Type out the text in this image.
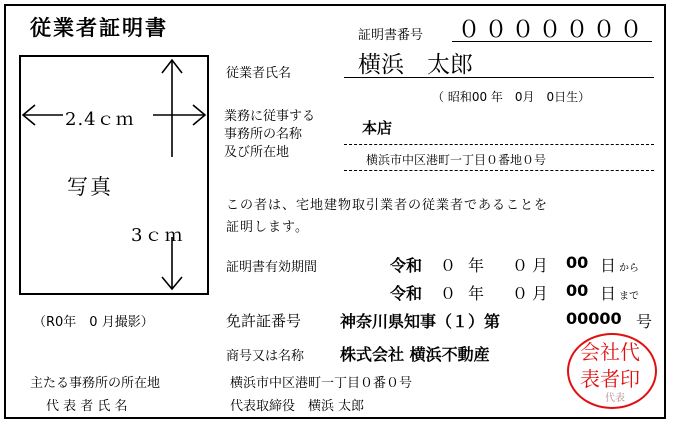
従業者証明書	証明書番号 ０００００００
2.4ｃｍ
3ｃｍ
写真
（R0年　0 月撮影）
従業者氏名	横浜　太郎
（ 昭和00 年　0月　0日生）
業務に従事する
事務所の名称
及び所在地
本店
横浜市中区港町一丁目０番地０号
この者は、宅地建物取引業者の従業者であることを
証明します。
証明書有効期間	令和 ０ 年 ０ 月 00 日 から
令和 ０ 年 ０ 月 00 日 まで
免許証番号 神奈川県知事（１）第	00000 号
商号又は名称 株式会社 横浜不動産
主たる事務所の所在地	横浜市中区港町一丁目０番０号
代 表 者 氏 名	代表取締役　横浜 太郎
会社代
表者印
代表
